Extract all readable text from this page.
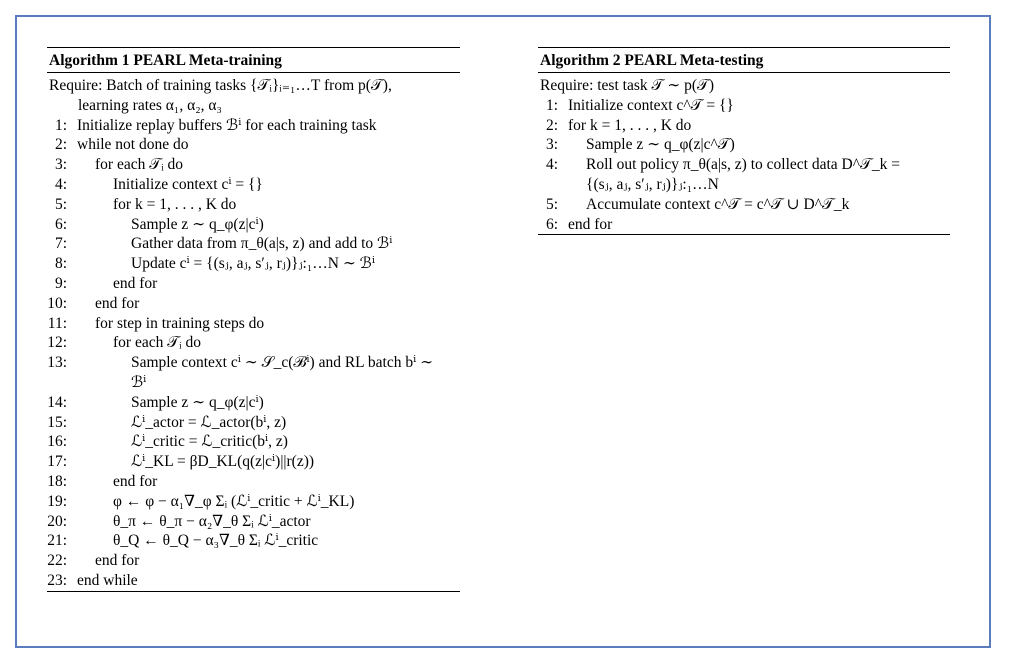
Algorithm 1 PEARL Meta-training
Require: Batch of training tasks {𝒯ᵢ}ᵢ₌₁…T from p(𝒯),
learning rates α₁, α₂, α₃
1: Initialize replay buffers ℬⁱ for each training task
2: while not done do
3: for each 𝒯ᵢ do
4:	Initialize context cⁱ = {}
5:	for k = 1, . . . , K do
6:	Sample z ∼ q_φ(z|cⁱ)
7:	Gather data from π_θ(a|s, z) and add to ℬⁱ
8:	Update cⁱ = {(sⱼ, aⱼ, s′ⱼ, rⱼ)}ⱼ:₁…N ∼ ℬⁱ
9:	end for
10: end for
11: for step in training steps do
12:	for each 𝒯ᵢ do
13:	Sample context cⁱ ∼ 𝒮_c(ℬⁱ) and RL batch bⁱ ∼
ℬⁱ
14:	Sample z ∼ q_φ(z|cⁱ)
15:	ℒⁱ_actor = ℒ_actor(bⁱ, z)
16:	ℒⁱ_critic = ℒ_critic(bⁱ, z)
17:	ℒⁱ_KL = βD_KL(q(z|cⁱ)||r(z))
18:	end for
19:	φ ← φ − α₁∇_φ Σᵢ (ℒⁱ_critic + ℒⁱ_KL)
20:	θ_π ← θ_π − α₂∇_θ Σᵢ ℒⁱ_actor
21:	θ_Q ← θ_Q − α₃∇_θ Σᵢ ℒⁱ_critic
22: end for
23: end while
Algorithm 2 PEARL Meta-testing
Require: test task 𝒯 ∼ p(𝒯)
1: Initialize context c^𝒯 = {}
2: for k = 1, . . . , K do
3: Sample z ∼ q_φ(z|c^𝒯)
4: Roll out policy π_θ(a|s, z) to collect data D^𝒯_k =
{(sⱼ, aⱼ, s′ⱼ, rⱼ)}ⱼ:₁…N
5: Accumulate context c^𝒯 = c^𝒯 ∪ D^𝒯_k
6: end for
